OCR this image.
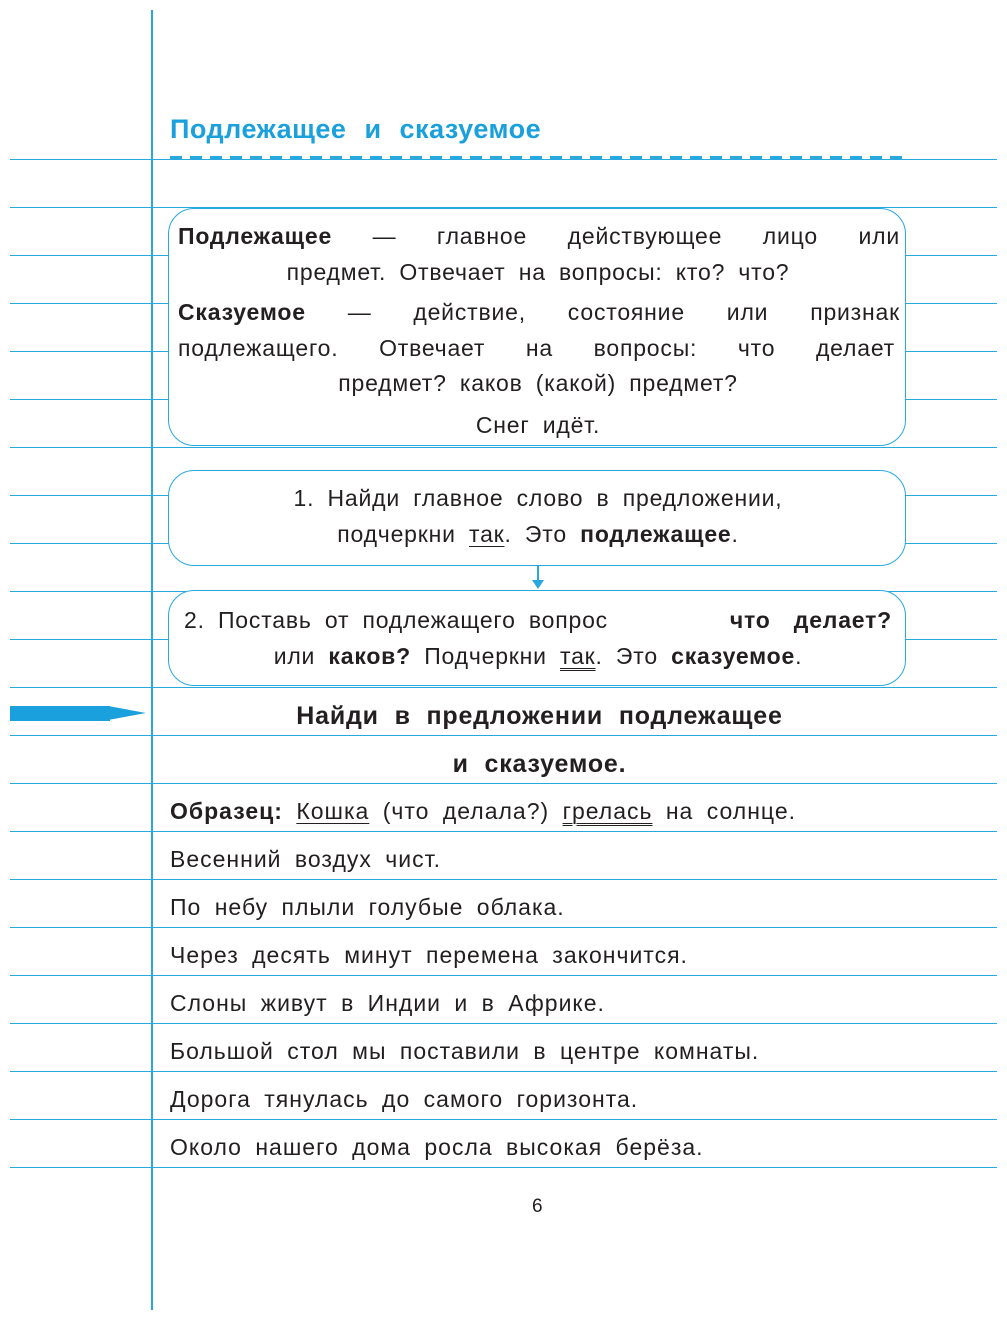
Подлежащее и сказуемое
Подлежащее — главное действующее лицо или
предмет. Отвечает на вопросы: кто? что?
Сказуемое — действие, состояние или признак
подлежащего. Отвечает на вопросы: что делает
предмет? каков (какой) предмет?
Снег идёт.
1. Найди главное слово в предложении,
подчеркни так. Это подлежащее.
2. Поставь от подлежащего вопрос	что делает?
или каков? Подчеркни так. Это сказуемое.
Найди в предложении подлежащее
и сказуемое.
Образец: Кошка (что делала?) грелась на солнце.
Весенний воздух чист.
По небу плыли голубые облака.
Через десять минут перемена закончится.
Слоны живут в Индии и в Африке.
Большой стол мы поставили в центре комнаты.
Дорога тянулась до самого горизонта.
Около нашего дома росла высокая берёза.
6
